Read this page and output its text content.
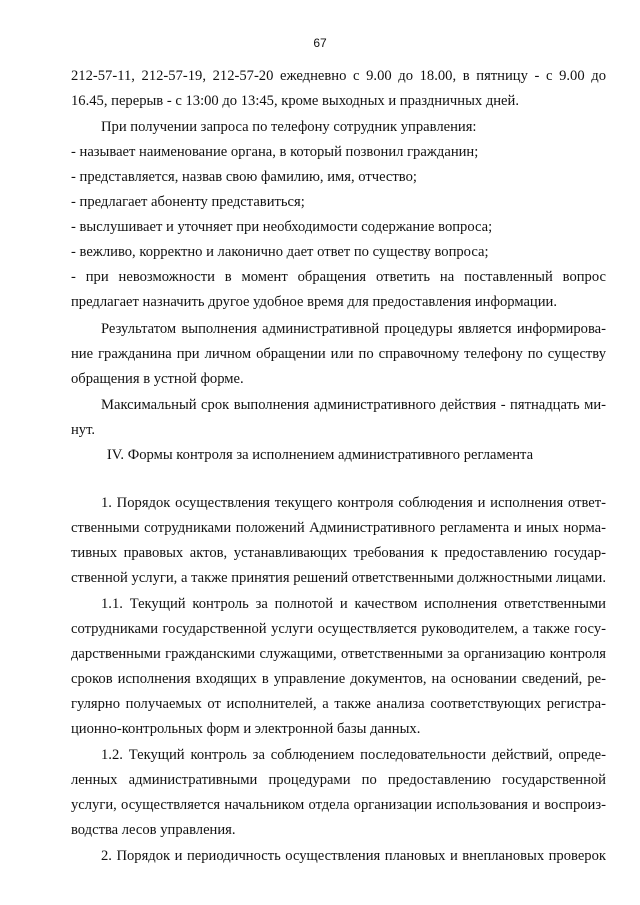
67
212-57-11, 212-57-19, 212-57-20 ежедневно с 9.00 до 18.00, в пятницу - с 9.00 до
16.45, перерыв - с 13:00 до 13:45, кроме выходных и праздничных дней.
При получении запроса по телефону сотрудник управления:
- называет наименование органа, в который позвонил гражданин;
- представляется, назвав свою фамилию, имя, отчество;
- предлагает абоненту представиться;
- выслушивает и уточняет при необходимости содержание вопроса;
- вежливо, корректно и лаконично дает ответ по существу вопроса;
- при невозможности в момент обращения ответить на поставленный вопрос
предлагает назначить другое удобное время для предоставления информации.
Результатом выполнения административной процедуры является информирова-
ние гражданина при личном обращении или по справочному телефону по существу
обращения в устной форме.
Максимальный срок выполнения административного действия - пятнадцать ми-
нут.
IV. Формы контроля за исполнением административного регламента
1. Порядок осуществления текущего контроля соблюдения и исполнения ответ-
ственными сотрудниками положений Административного регламента и иных норма-
тивных правовых актов, устанавливающих требования к предоставлению государ-
ственной услуги, а также принятия решений ответственными должностными лицами.
1.1. Текущий контроль за полнотой и качеством исполнения ответственными
сотрудниками государственной услуги осуществляется руководителем, а также госу-
дарственными гражданскими служащими, ответственными за организацию контроля
сроков исполнения входящих в управление документов, на основании сведений, ре-
гулярно получаемых от исполнителей, а также анализа соответствующих регистра-
ционно-контрольных форм и электронной базы данных.
1.2. Текущий контроль за соблюдением последовательности действий, опреде-
ленных административными процедурами по предоставлению государственной
услуги, осуществляется начальником отдела организации использования и воспроиз-
водства лесов управления.
2. Порядок и периодичность осуществления плановых и внеплановых проверок
